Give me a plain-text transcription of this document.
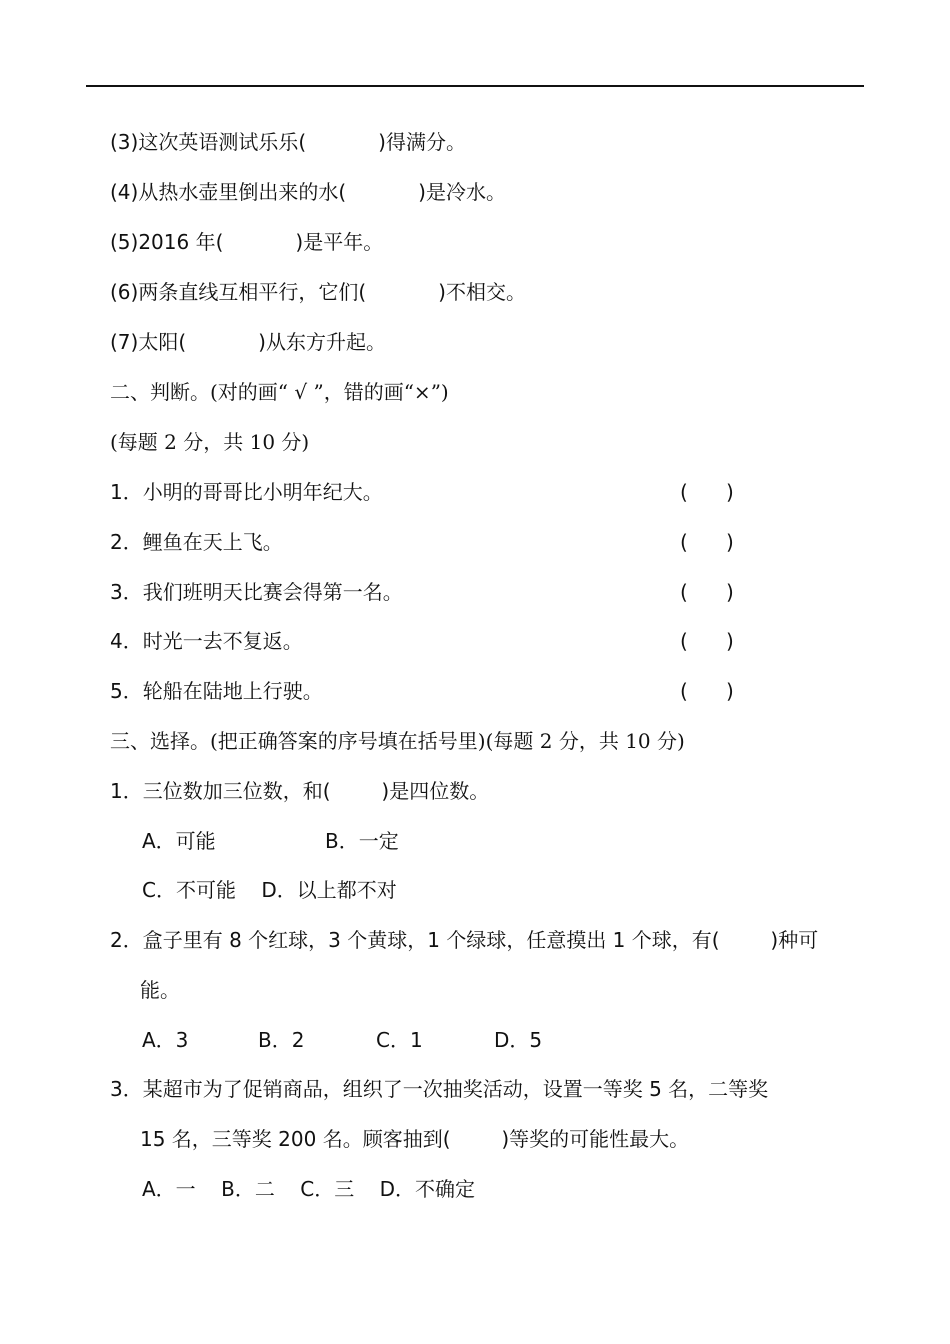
(3)这次英语测试乐乐(	)得满分。
(4)从热水壶里倒出来的水(	)是冷水。
(5)2016 年(	)是平年。
(6)两条直线互相平行，它们(	)不相交。
(7)太阳(	)从东方升起。
二、判断。(对的画“ √ ”，错的画“×”)
(每题 2 分，共 10 分)
1．小明的哥哥比小明年纪大。	(      )
2．鲤鱼在天上飞。	(      )
3．我们班明天比赛会得第一名。	(      )
4．时光一去不复返。	(      )
5．轮船在陆地上行驶。	(      )
三、选择。(把正确答案的序号填在括号里)(每题 2 分，共 10 分)
1．三位数加三位数，和(        )是四位数。
A．可能	B．一定
C．不可能    D．以上都不对
2．盒子里有 8 个红球，3 个黄球，1 个绿球，任意摸出 1 个球，有(        )种可
能。
A．3	B．2	C．1	D．5
3．某超市为了促销商品，组织了一次抽奖活动，设置一等奖 5 名，二等奖
15 名，三等奖 200 名。顾客抽到(        )等奖的可能性最大。
A．一    B．二    C．三    D．不确定
